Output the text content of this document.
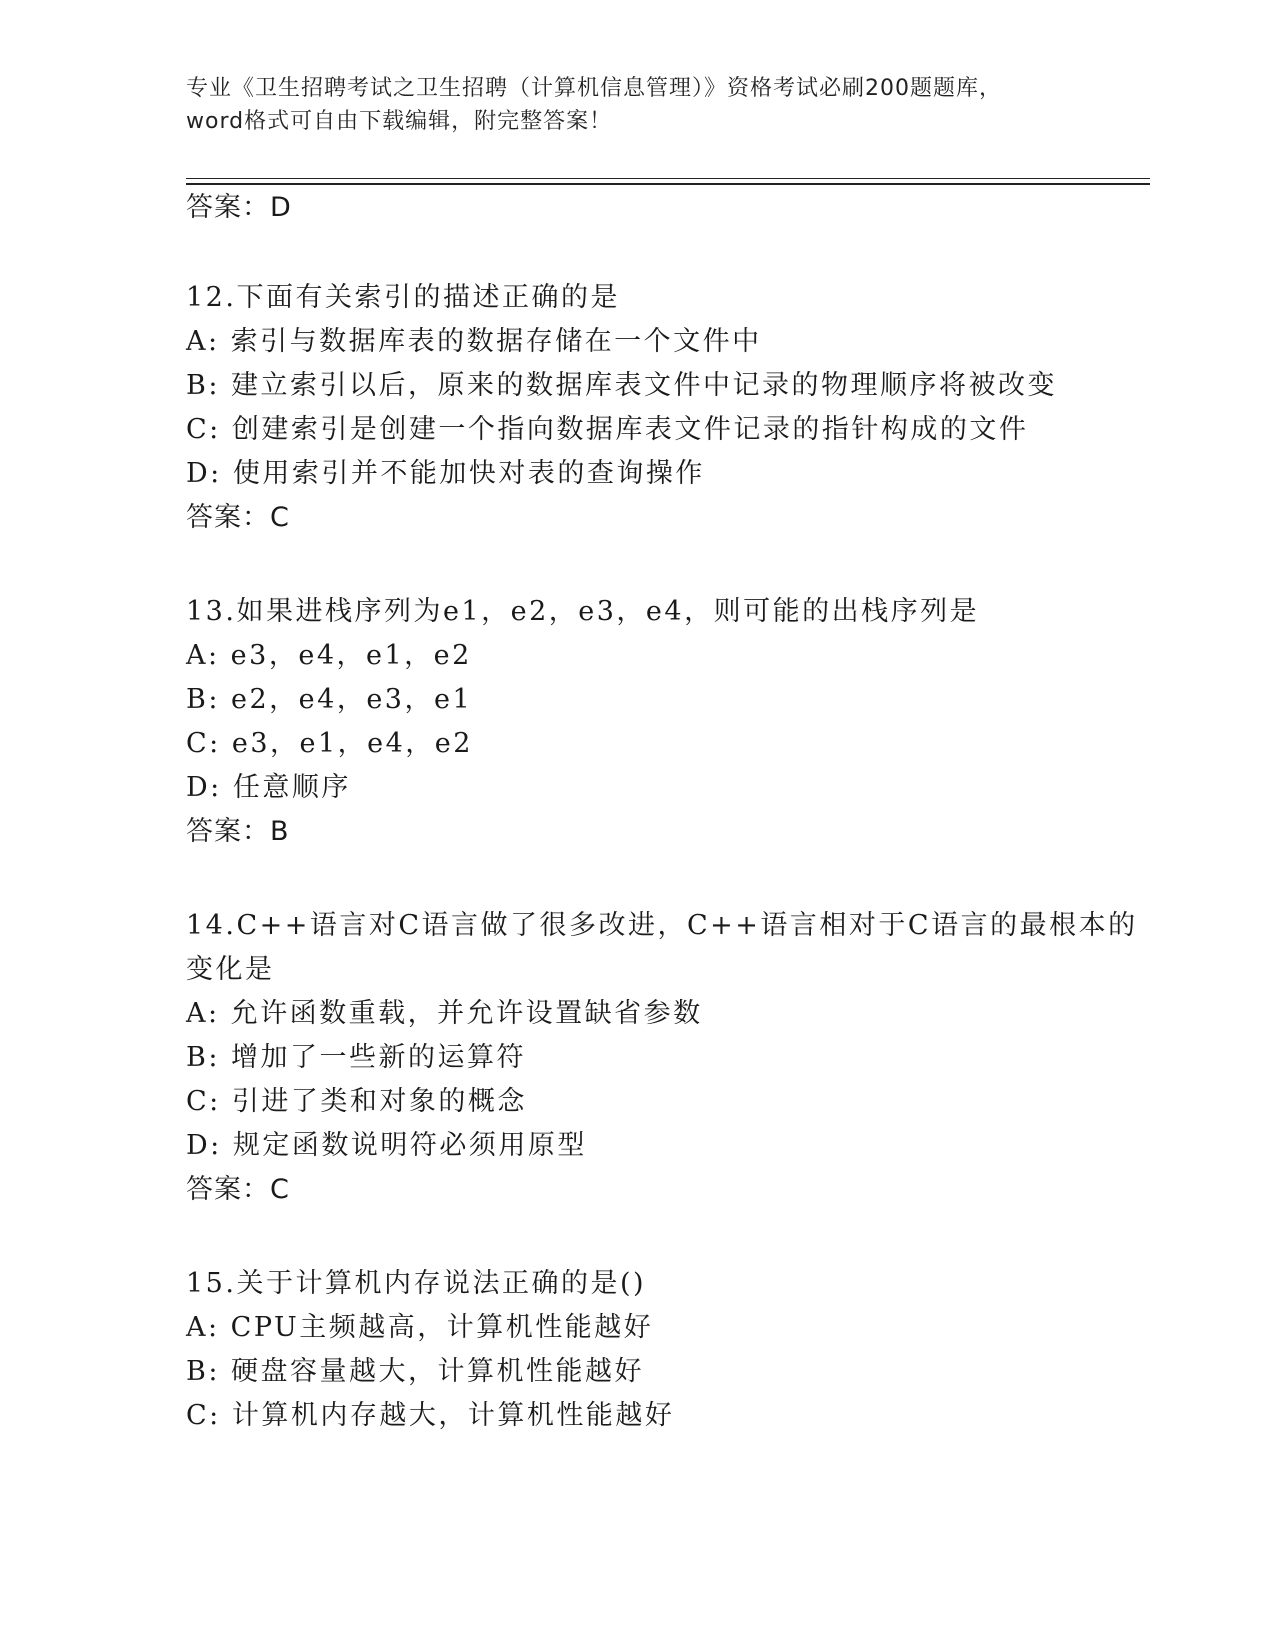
专业《卫生招聘考试之卫生招聘（计算机信息管理）》资格考试必刷200题题库，
word格式可自由下载编辑，附完整答案！
答案：D
12.下面有关索引的描述正确的是
A: 索引与数据库表的数据存储在一个文件中
B: 建立索引以后，原来的数据库表文件中记录的物理顺序将被改变
C: 创建索引是创建一个指向数据库表文件记录的指针构成的文件
D: 使用索引并不能加快对表的查询操作
答案：C
13.如果进栈序列为e1，e2，e3，e4，则可能的出栈序列是
A: e3，e4，e1，e2
B: e2，e4，e3，e1
C: e3，e1，e4，e2
D: 任意顺序
答案：B
14.C++语言对C语言做了很多改进，C++语言相对于C语言的最根本的
变化是
A: 允许函数重载，并允许设置缺省参数
B: 增加了一些新的运算符
C: 引进了类和对象的概念
D: 规定函数说明符必须用原型
答案：C
15.关于计算机内存说法正确的是()
A: CPU主频越高，计算机性能越好
B: 硬盘容量越大，计算机性能越好
C: 计算机内存越大，计算机性能越好
